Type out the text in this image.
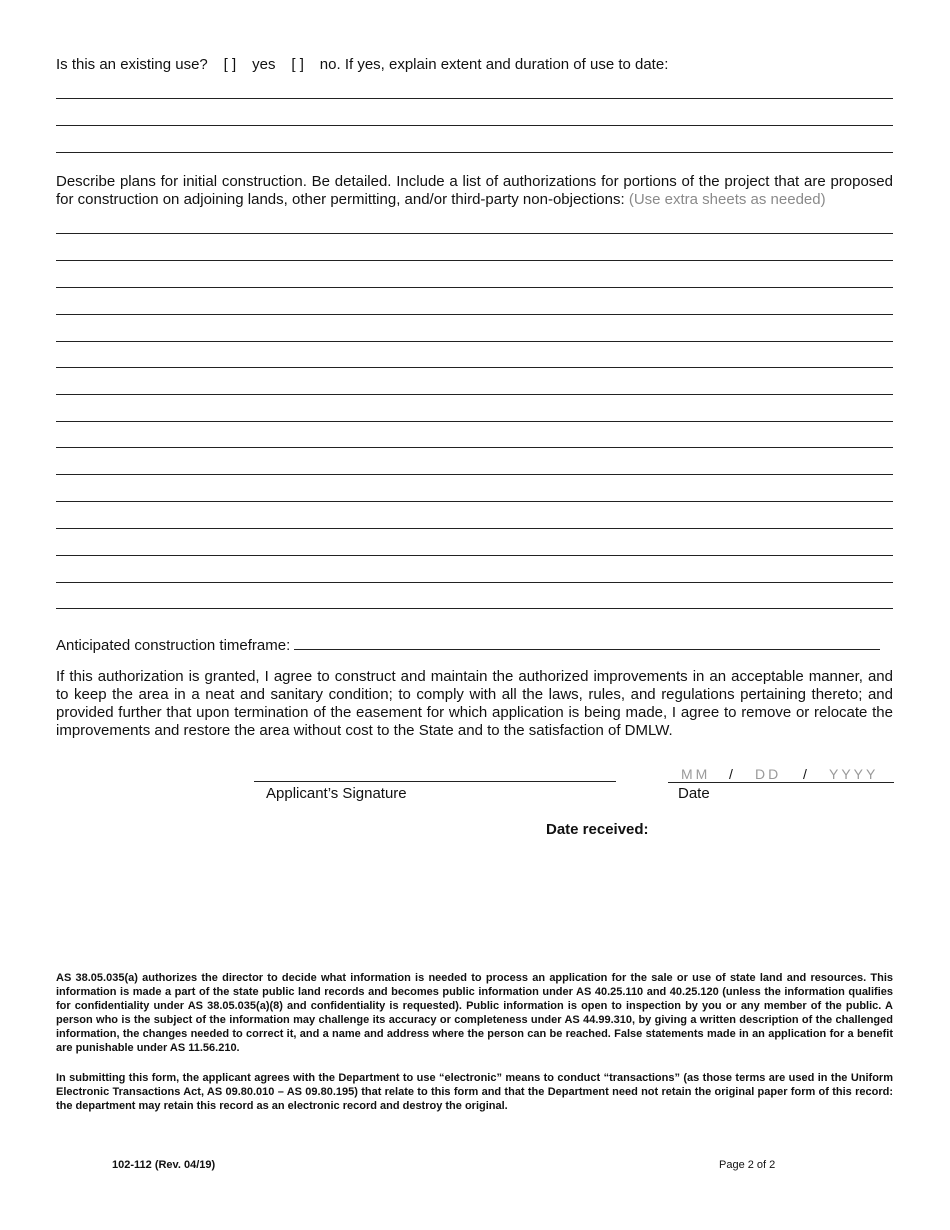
Is this an existing use? [ ] yes [ ] no. If yes, explain extent and duration of use to date:
Describe plans for initial construction. Be detailed. Include a list of authorizations for portions of the project that are proposed for construction on adjoining lands, other permitting, and/or third-party non-objections: (Use extra sheets as needed)
Anticipated construction timeframe:
If this authorization is granted, I agree to construct and maintain the authorized improvements in an acceptable manner, and to keep the area in a neat and sanitary condition; to comply with all the laws, rules, and regulations pertaining thereto; and provided further that upon termination of the easement for which application is being made, I agree to remove or relocate the improvements and restore the area without cost to the State and to the satisfaction of DMLW.
Applicant’s Signature
MM / DD / YYYY
Date
Date received:
AS 38.05.035(a) authorizes the director to decide what information is needed to process an application for the sale or use of state land and resources. This information is made a part of the state public land records and becomes public information under AS 40.25.110 and 40.25.120 (unless the information qualifies for confidentiality under AS 38.05.035(a)(8) and confidentiality is requested). Public information is open to inspection by you or any member of the public. A person who is the subject of the information may challenge its accuracy or completeness under AS 44.99.310, by giving a written description of the challenged information, the changes needed to correct it, and a name and address where the person can be reached. False statements made in an application for a benefit are punishable under AS 11.56.210.
In submitting this form, the applicant agrees with the Department to use “electronic” means to conduct “transactions” (as those terms are used in the Uniform Electronic Transactions Act, AS 09.80.010 – AS 09.80.195) that relate to this form and that the Department need not retain the original paper form of this record: the department may retain this record as an electronic record and destroy the original.
102-112 (Rev. 04/19)	Page 2 of 2
